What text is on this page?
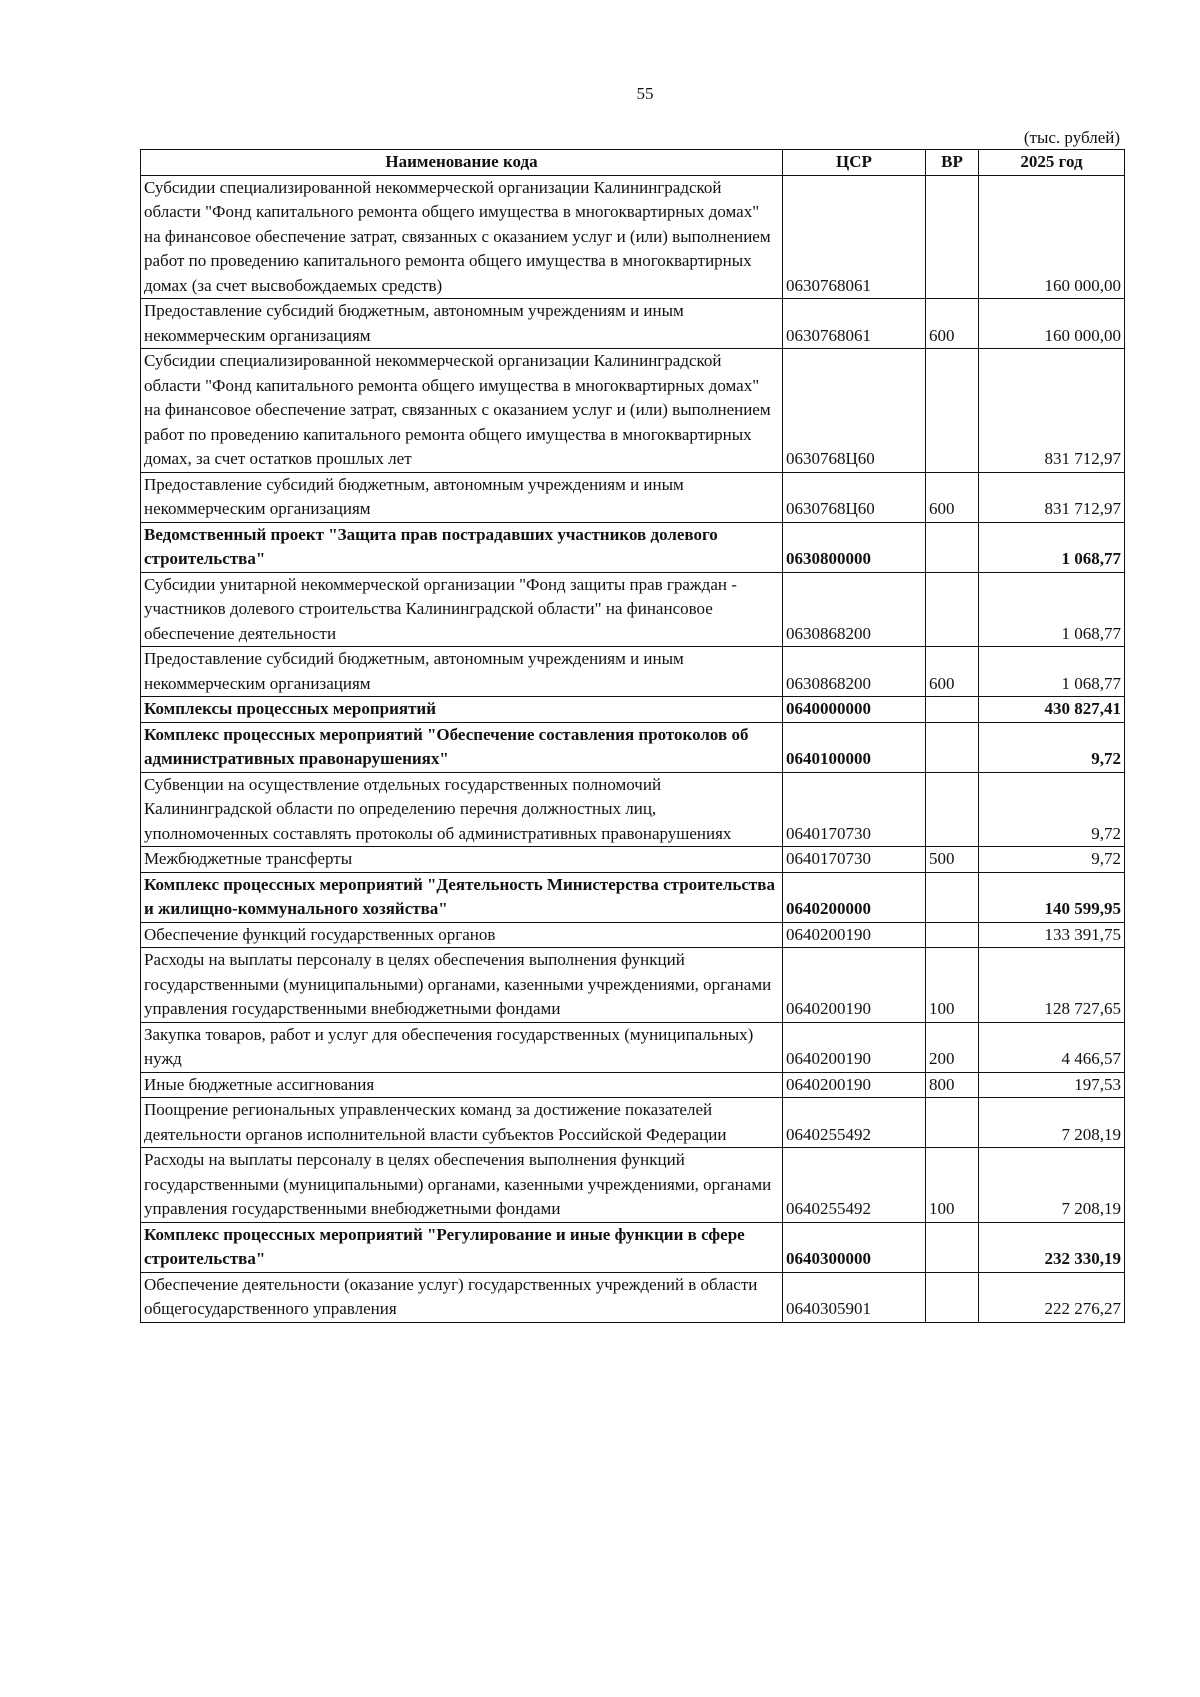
55
(тыс. рублей)
Наименование кода	ЦСР	ВР	2025 год
Субсидии специализированной некоммерческой организации Калининградской области "Фонд капитального ремонта общего имущества в многоквартирных домах" на финансовое обеспечение затрат, связанных с оказанием услуг и (или) выполнением работ по проведению капитального ремонта общего имущества в многоквартирных домах (за счет высвобождаемых средств)	0630768061		160 000,00
Предоставление субсидий бюджетным, автономным учреждениям и иным некоммерческим организациям	0630768061	600	160 000,00
Субсидии специализированной некоммерческой организации Калининградской области "Фонд капитального ремонта общего имущества в многоквартирных домах" на финансовое обеспечение затрат, связанных с оказанием услуг и (или) выполнением работ по проведению капитального ремонта общего имущества в многоквартирных домах, за счет остатков прошлых лет	0630768Ц60		831 712,97
Предоставление субсидий бюджетным, автономным учреждениям и иным некоммерческим организациям	0630768Ц60	600	831 712,97
Ведомственный проект "Защита прав пострадавших участников долевого строительства"	0630800000		1 068,77
Субсидии унитарной некоммерческой организации "Фонд защиты прав граждан - участников долевого строительства Калининградской области" на финансовое обеспечение деятельности	0630868200		1 068,77
Предоставление субсидий бюджетным, автономным учреждениям и иным некоммерческим организациям	0630868200	600	1 068,77
Комплексы процессных мероприятий	0640000000		430 827,41
Комплекс процессных мероприятий "Обеспечение составления протоколов об административных правонарушениях"	0640100000		9,72
Субвенции на осуществление отдельных государственных полномочий Калининградской области по определению перечня должностных лиц, уполномоченных составлять протоколы об административных правонарушениях	0640170730		9,72
Межбюджетные трансферты	0640170730	500	9,72
Комплекс процессных мероприятий "Деятельность Министерства строительства и жилищно-коммунального хозяйства"	0640200000		140 599,95
Обеспечение функций государственных органов	0640200190		133 391,75
Расходы на выплаты персоналу в целях обеспечения выполнения функций государственными (муниципальными) органами, казенными учреждениями, органами управления государственными внебюджетными фондами	0640200190	100	128 727,65
Закупка товаров, работ и услуг для обеспечения государственных (муниципальных) нужд	0640200190	200	4 466,57
Иные бюджетные ассигнования	0640200190	800	197,53
Поощрение региональных управленческих команд за достижение показателей деятельности органов исполнительной власти субъектов Российской Федерации	0640255492		7 208,19
Расходы на выплаты персоналу в целях обеспечения выполнения функций государственными (муниципальными) органами, казенными учреждениями, органами управления государственными внебюджетными фондами	0640255492	100	7 208,19
Комплекс процессных мероприятий "Регулирование и иные функции в сфере строительства"	0640300000		232 330,19
Обеспечение деятельности (оказание услуг) государственных учреждений в области общегосударственного управления	0640305901		222 276,27
